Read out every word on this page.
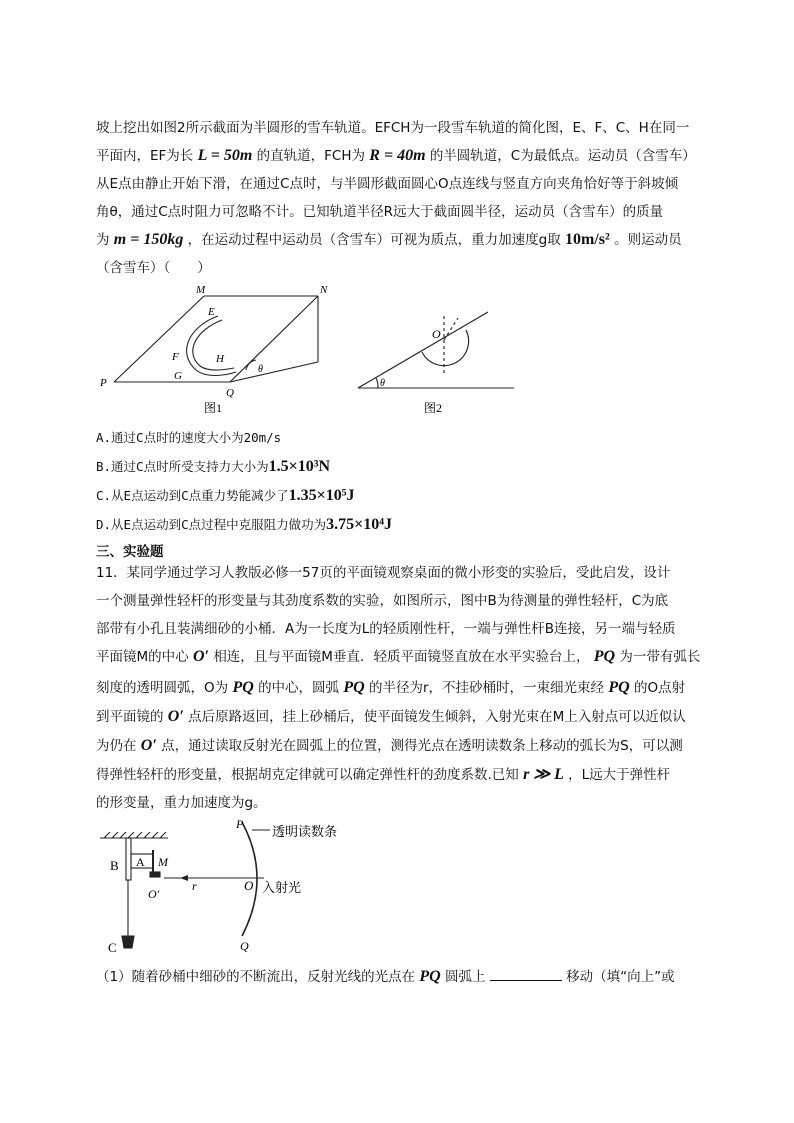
坡上挖出如图2所示截面为半圆形的雪车轨道。EFCH为一段雪车轨道的简化图，E、F、C、H在同一
平面内，EF为长 L = 50m 的直轨道，FCH为 R = 40m 的半圆轨道，C为最低点。运动员（含雪车）
从E点由静止开始下滑，在通过C点时，与半圆形截面圆心O点连线与竖直方向夹角恰好等于斜坡倾
角θ，通过C点时阻力可忽略不计。已知轨道半径R远大于截面圆半径，运动员（含雪车）的质量
为 m = 150kg ，在运动过程中运动员（含雪车）可视为质点，重力加速度g取 10m/s² 。则运动员
（含雪车）（　　）
M	N
E
F	H
G
P
Q
θ
图1
O
θ
图2
A.通过C点时的速度大小为20m/s
B.通过C点时所受支持力大小为1.5×10³N
C.从E点运动到C点重力势能减少了1.35×10⁵J
D.从E点运动到C点过程中克服阻力做功为3.75×10⁴J
三、实验题
11．某同学通过学习人教版必修一57页的平面镜观察桌面的微小形变的实验后，受此启发，设计
一个测量弹性轻杆的形变量与其劲度系数的实验，如图所示，图中B为待测量的弹性轻杆，C为底
部带有小孔且装满细砂的小桶．A为一长度为L的轻质刚性杆，一端与弹性杆B连接，另一端与轻质
平面镜M的中心 O′ 相连，且与平面镜M垂直．轻质平面镜竖直放在水平实验台上， PQ 为一带有弧长
刻度的透明圆弧，O为 PQ 的中心，圆弧 PQ 的半径为r，不挂砂桶时，一束细光束经 PQ 的O点射
到平面镜的 O′ 点后原路返回，挂上砂桶后，使平面镜发生倾斜，入射光束在M上入射点可以近似认
为仍在 O′ 点，通过读取反射光在圆弧上的位置，测得光点在透明读数条上移动的弧长为S，可以测
得弹性轻杆的形变量，根据胡克定律就可以确定弹性杆的劲度系数.已知 r ≫ L ，L远大于弹性杆
的形变量，重力加速度为g。
B A M
O′
C
r	O 入射光
P
Q
透明读数条
（1）随着砂桶中细砂的不断流出，反射光线的光点在 PQ 圆弧上	移动（填“向上”或
